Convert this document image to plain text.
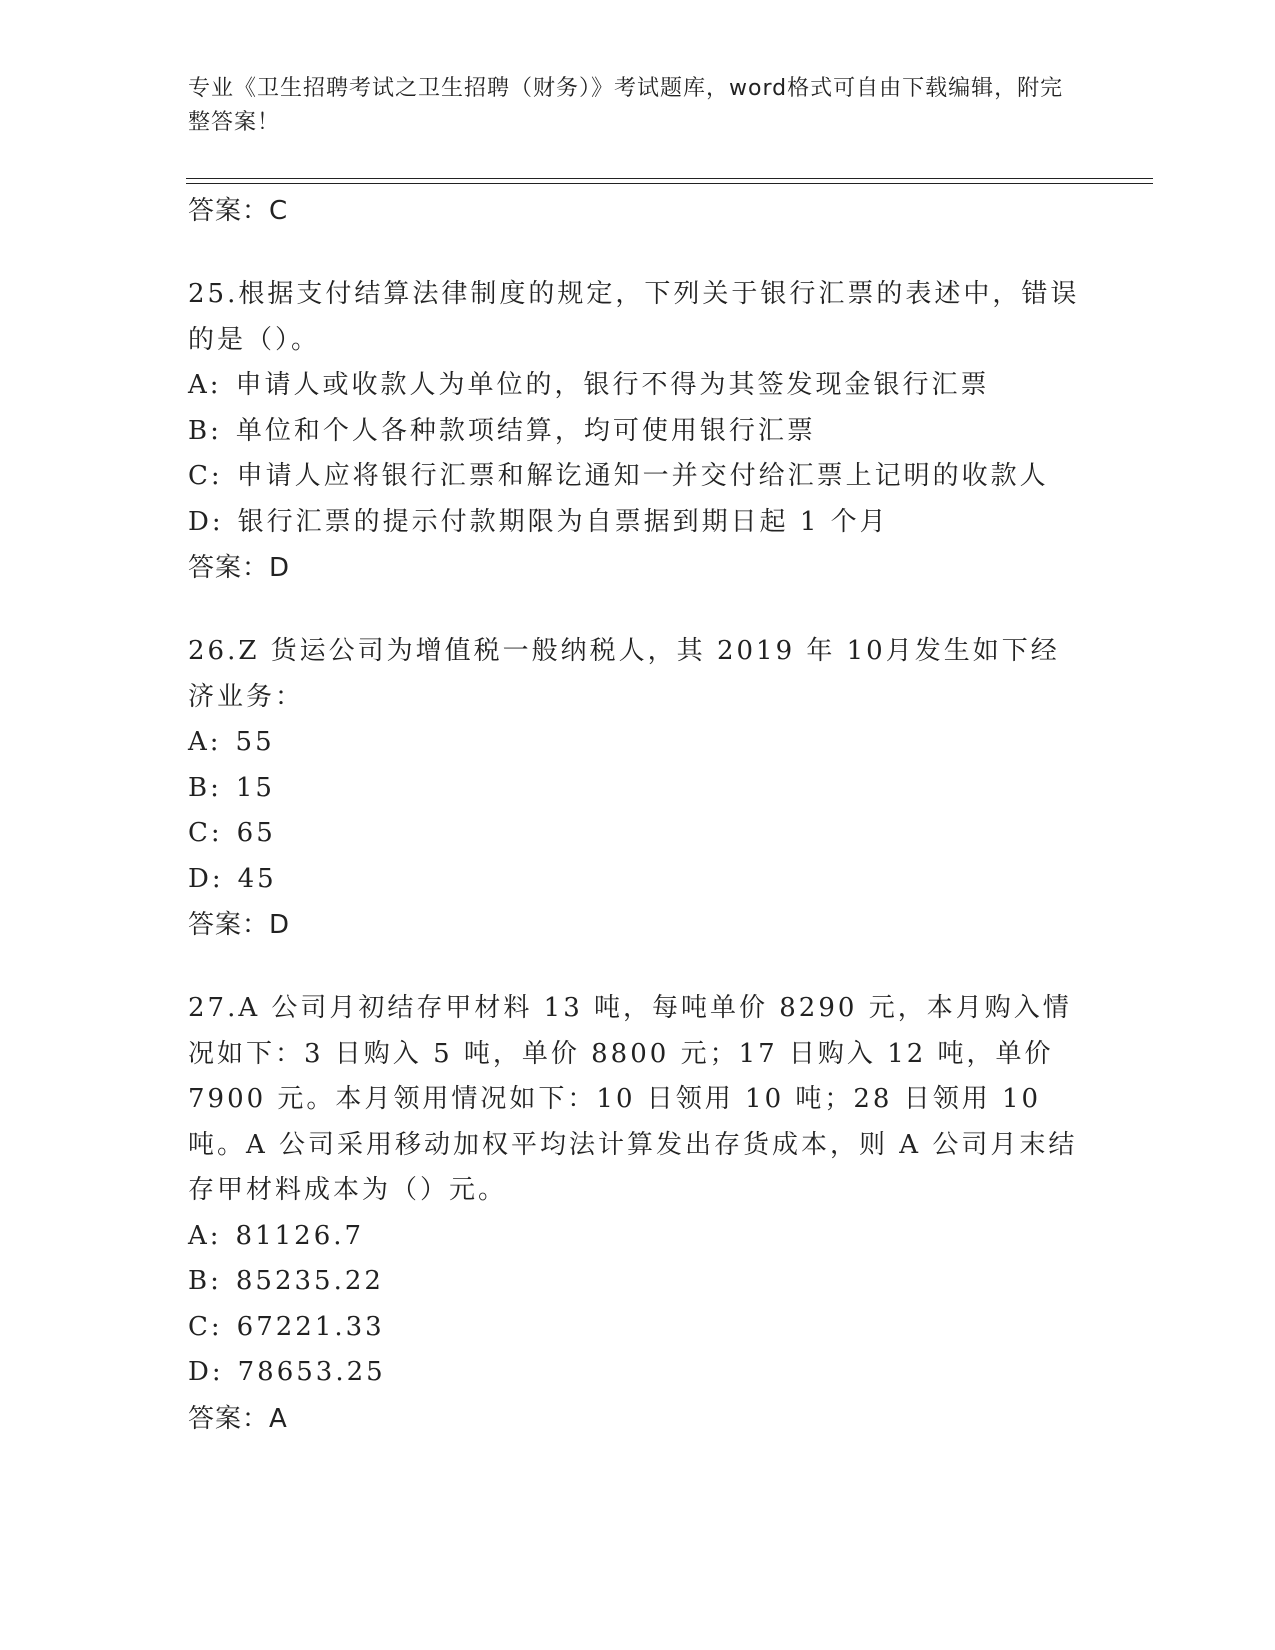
专业《卫生招聘考试之卫生招聘（财务）》考试题库，word格式可自由下载编辑，附完整答案！
答案：C
25.根据支付结算法律制度的规定，下列关于银行汇票的表述中，错误的是（）。
A: 申请人或收款人为单位的，银行不得为其签发现金银行汇票
B: 单位和个人各种款项结算，均可使用银行汇票
C: 申请人应将银行汇票和解讫通知一并交付给汇票上记明的收款人
D: 银行汇票的提示付款期限为自票据到期日起 1 个月
答案：D
26.Z 货运公司为增值税一般纳税人，其 2019 年 10月发生如下经济业务：
A: 55
B: 15
C: 65
D: 45
答案：D
27.A 公司月初结存甲材料 13 吨，每吨单价 8290 元，本月购入情况如下：3 日购入 5 吨，单价 8800 元；17 日购入 12 吨，单价 7900 元。本月领用情况如下：10 日领用 10 吨；28 日领用 10 吨。A 公司采用移动加权平均法计算发出存货成本，则 A 公司月末结存甲材料成本为（）元。
A: 81126.7
B: 85235.22
C: 67221.33
D: 78653.25
答案：A
